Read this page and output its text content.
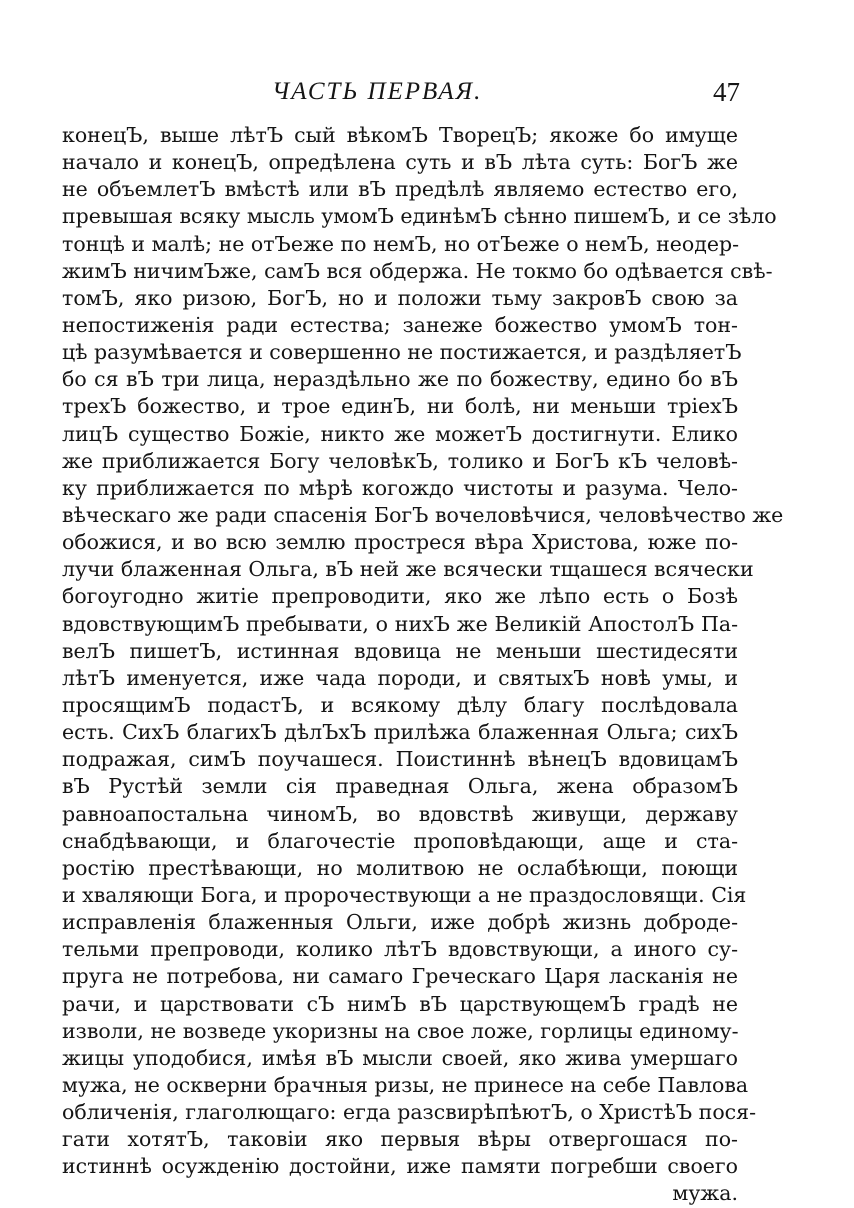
ЧАСТЬ ПЕРВАЯ.	47
конецЪ, выше лѣтЪ сый вѣкомЪ ТворецЪ; якоже бо имуще
начало и конецЪ, опредѣлена суть и вЪ лѣта суть: БогЪ же
не объемлетЪ вмѣстѣ или вЪ предѣлѣ являемо естество его,
превышая всяку мысль умомЪ единѣмЪ сѣнно пишемЪ, и се зѣло
тонцѣ и малѣ; не отЪеже по немЪ, но отЪеже о немЪ, неодер-
жимЪ ничимЪже, самЪ вся обдержа. Не токмо бо одѣвается свѣ-
томЪ, яко ризою, БогЪ, но и положи тьму закровЪ свою за
непостиженія ради естества; занеже божество умомЪ тон-
цѣ разумѣвается и совершенно не постижается, и раздѣляетЪ
бо ся вЪ три лица, нераздѣльно же по божеству, едино бо вЪ
трехЪ божество, и трое единЪ, ни болѣ, ни меньши тріехЪ
лицЪ существо Божіе, никто же можетЪ достигнути. Елико
же приближается Богу человѣкЪ, толико и БогЪ кЪ человѣ-
ку приближается по мѣрѣ когождо чистоты и разума. Чело-
вѣческаго же ради спасенія БогЪ вочеловѣчися, человѣчество же
обожися, и во всю землю простреся вѣра Христова, юже по-
лучи блаженная Ольга, вЪ ней же всячески тщашеся всячески
богоугодно житіе препроводити, яко же лѣпо есть о Бозѣ
вдовствующимЪ пребывати, о нихЪ же Великій АпостолЪ Па-
велЪ пишетЪ, истинная вдовица не меньши шестидесяти
лѣтЪ именуется, иже чада породи, и святыхЪ новѣ умы, и
просящимЪ подастЪ, и всякому дѣлу благу послѣдовала
есть. СихЪ благихЪ дѣлЪхЪ прилѣжа блаженная Ольга; сихЪ
подражая, симЪ поучашеся. Поистиннѣ вѣнецЪ вдовицамЪ
вЪ Рустѣй земли сія праведная Ольга, жена образомЪ
равноапостальна чиномЪ, во вдовствѣ живущи, державу
снабдѣвающи, и благочестіе проповѣдающи, аще и ста-
ростію престѣвающи, но молитвою не ослабѣющи, поющи
и хваляющи Бога, и пророчествующи а не праздословящи. Сія
исправленія блаженныя Ольги, иже добрѣ жизнь доброде-
тельми препроводи, колико лѣтЪ вдовствующи, а иного су-
пруга не потребова, ни самаго Греческаго Царя ласканія не
рачи, и царствовати сЪ нимЪ вЪ царствующемЪ градѣ не
изволи, не возведе укоризны на свое ложе, горлицы единому-
жицы уподобися, имѣя вЪ мысли своей, яко жива умершаго
мужа, не оскверни брачныя ризы, не принесе на себе Павлова
обличенія, глаголющаго: егда разсвирѣпѣютЪ, о ХристѣЪ пося-
гати хотятЪ, таковіи яко первыя вѣры отвергошася по-
истиннѣ осужденію достойни, иже памяти погребши своего
мужа.
